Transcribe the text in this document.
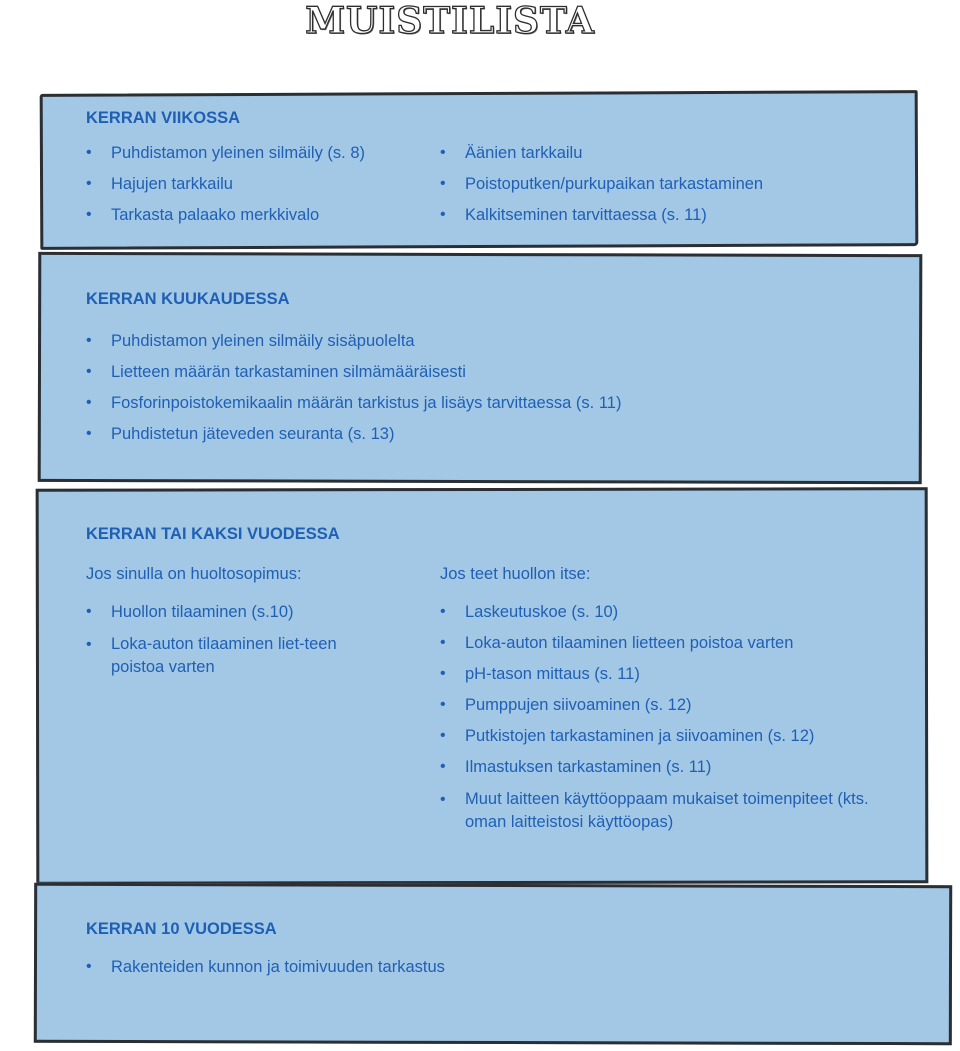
MUISTILISTA
KERRAN VIIKOSSA
• Puhdistamon yleinen silmäily (s. 8)
• Hajujen tarkkailu
• Tarkasta palaako merkkivalo
• Äänien tarkkailu
• Poistoputken/purkupaikan tarkastaminen
• Kalkitseminen tarvittaessa (s. 11)
KERRAN KUUKAUDESSA
• Puhdistamon yleinen silmäily sisäpuolelta
• Lietteen määrän tarkastaminen silmämääräisesti
• Fosforinpoistokemikaalin määrän tarkistus ja lisäys tarvittaessa (s. 11)
• Puhdistetun jäteveden seuranta (s. 13)
KERRAN TAI KAKSI VUODESSA
Jos sinulla on huoltosopimus:	Jos teet huollon itse:
• Huollon tilaaminen (s.10)
• Loka-auton tilaaminen liet-teen poistoa varten
• Laskeutuskoe (s. 10)
• Loka-auton tilaaminen lietteen poistoa varten
• pH-tason mittaus (s. 11)
• Pumppujen siivoaminen (s. 12)
• Putkistojen tarkastaminen ja siivoaminen (s. 12)
• Ilmastuksen tarkastaminen (s. 11)
• Muut laitteen käyttöoppaam mukaiset toimenpiteet (kts. oman laitteistosi käyttöopas)
KERRAN 10 VUODESSA
• Rakenteiden kunnon ja toimivuuden tarkastus
